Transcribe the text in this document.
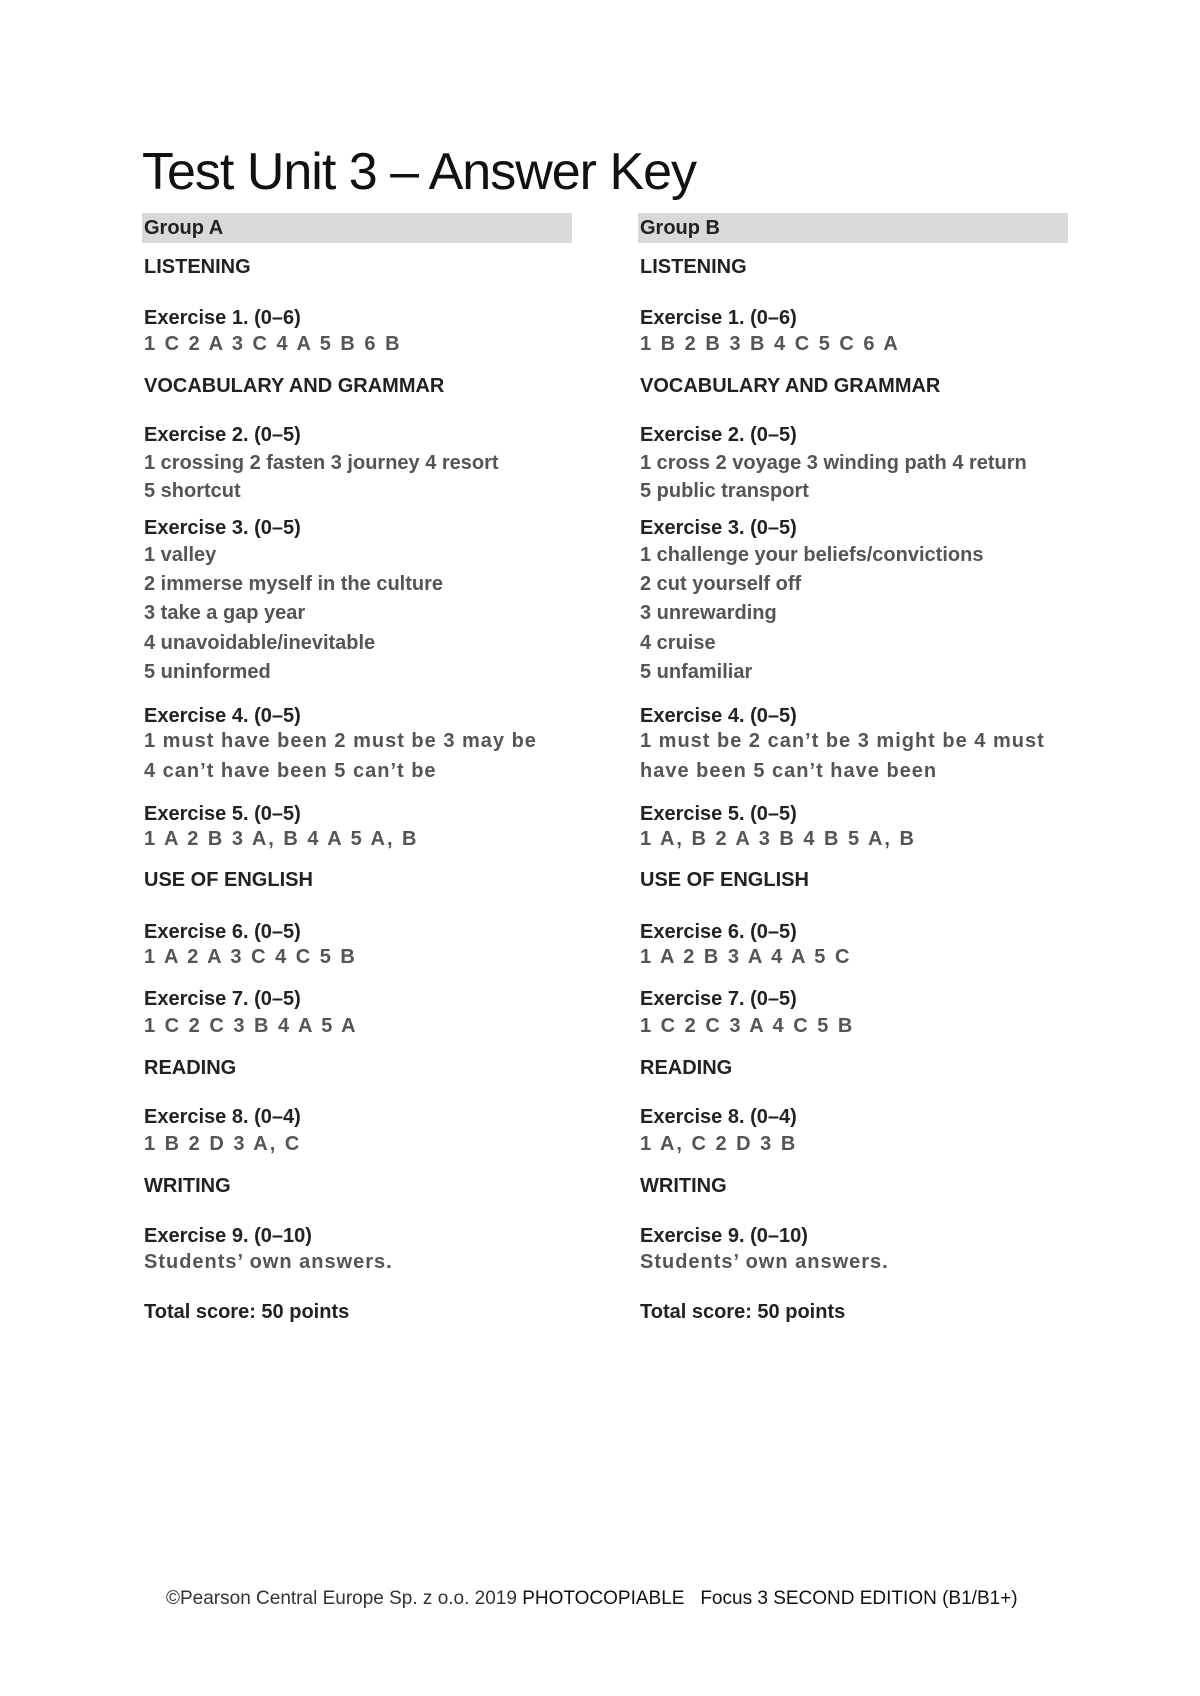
Test Unit 3 – Answer Key
Group A
LISTENING
Exercise 1. (0–6)
1 C 2 A 3 C 4 A 5 B 6 B
VOCABULARY AND GRAMMAR
Exercise 2. (0–5)
1 crossing 2 fasten 3 journey 4 resort
5 shortcut
Exercise 3. (0–5)
1 valley
2 immerse myself in the culture
3 take a gap year
4 unavoidable/inevitable
5 uninformed
Exercise 4. (0–5)
1 must have been 2 must be 3 may be
4 can’t have been 5 can’t be
Exercise 5. (0–5)
1 A 2 B 3 A, B 4 A 5 A, B
USE OF ENGLISH
Exercise 6. (0–5)
1 A 2 A 3 C 4 C 5 B
Exercise 7. (0–5)
1 C 2 C 3 B 4 A 5 A
READING
Exercise 8. (0–4)
1 B 2 D 3 A, C
WRITING
Exercise 9. (0–10)
Students’ own answers.
Total score: 50 points
Group B
LISTENING
Exercise 1. (0–6)
1 B 2 B 3 B 4 C 5 C 6 A
VOCABULARY AND GRAMMAR
Exercise 2. (0–5)
1 cross 2 voyage 3 winding path 4 return
5 public transport
Exercise 3. (0–5)
1 challenge your beliefs/convictions
2 cut yourself off
3 unrewarding
4 cruise
5 unfamiliar
Exercise 4. (0–5)
1 must be 2 can’t be 3 might be 4 must
have been 5 can’t have been
Exercise 5. (0–5)
1 A, B 2 A 3 B 4 B 5 A, B
USE OF ENGLISH
Exercise 6. (0–5)
1 A 2 B 3 A 4 A 5 C
Exercise 7. (0–5)
1 C 2 C 3 A 4 C 5 B
READING
Exercise 8. (0–4)
1 A, C 2 D 3 B
WRITING
Exercise 9. (0–10)
Students’ own answers.
Total score: 50 points
©Pearson Central Europe Sp. z o.o. 2019 PHOTOCOPIABLE Focus 3 SECOND EDITION (B1/B1+)
